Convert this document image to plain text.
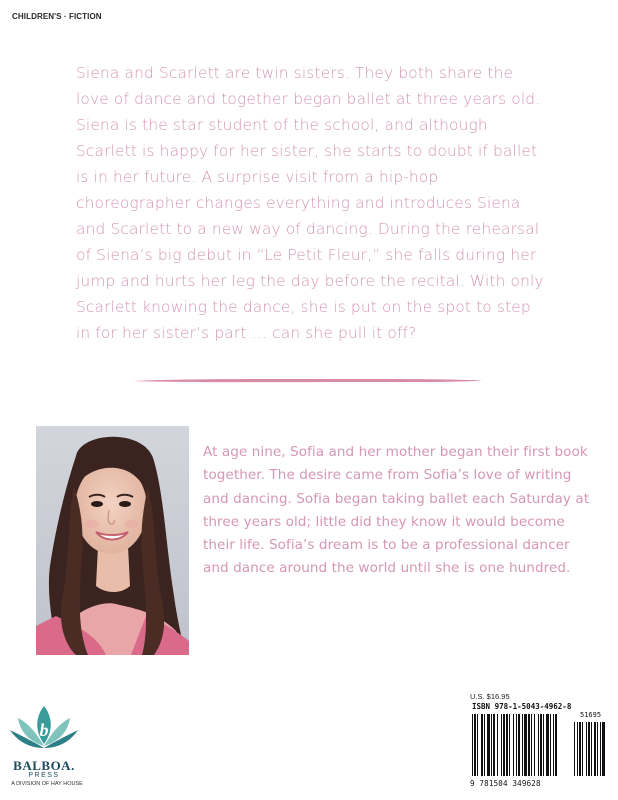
CHILDREN'S · FICTION
Siena and Scarlett are twin sisters. They both share the love of dance and together began ballet at three years old. Siena is the star student of the school, and although Scarlett is happy for her sister, she starts to doubt if ballet is in her future. A surprise visit from a hip-hop choreographer changes everything and introduces Siena and Scarlett to a new way of dancing. During the rehearsal of Siena’s big debut in “Le Petit Fleur,” she falls during her jump and hurts her leg the day before the recital. With only Scarlett knowing the dance, she is put on the spot to step in for her sister’s part … can she pull it off?
At age nine, Sofia and her mother began their first book together. The desire came from Sofia’s love of writing and dancing. Sofia began taking ballet each Saturday at three years old; little did they know it would become their life. Sofia’s dream is to be a professional dancer and dance around the world until she is one hundred.
b
BALBOA.
PRESS
A DIVISION OF HAY HOUSE
U.S. $16.95
ISBN 978-1-5043-4962-8
51695
9 781504 349628
